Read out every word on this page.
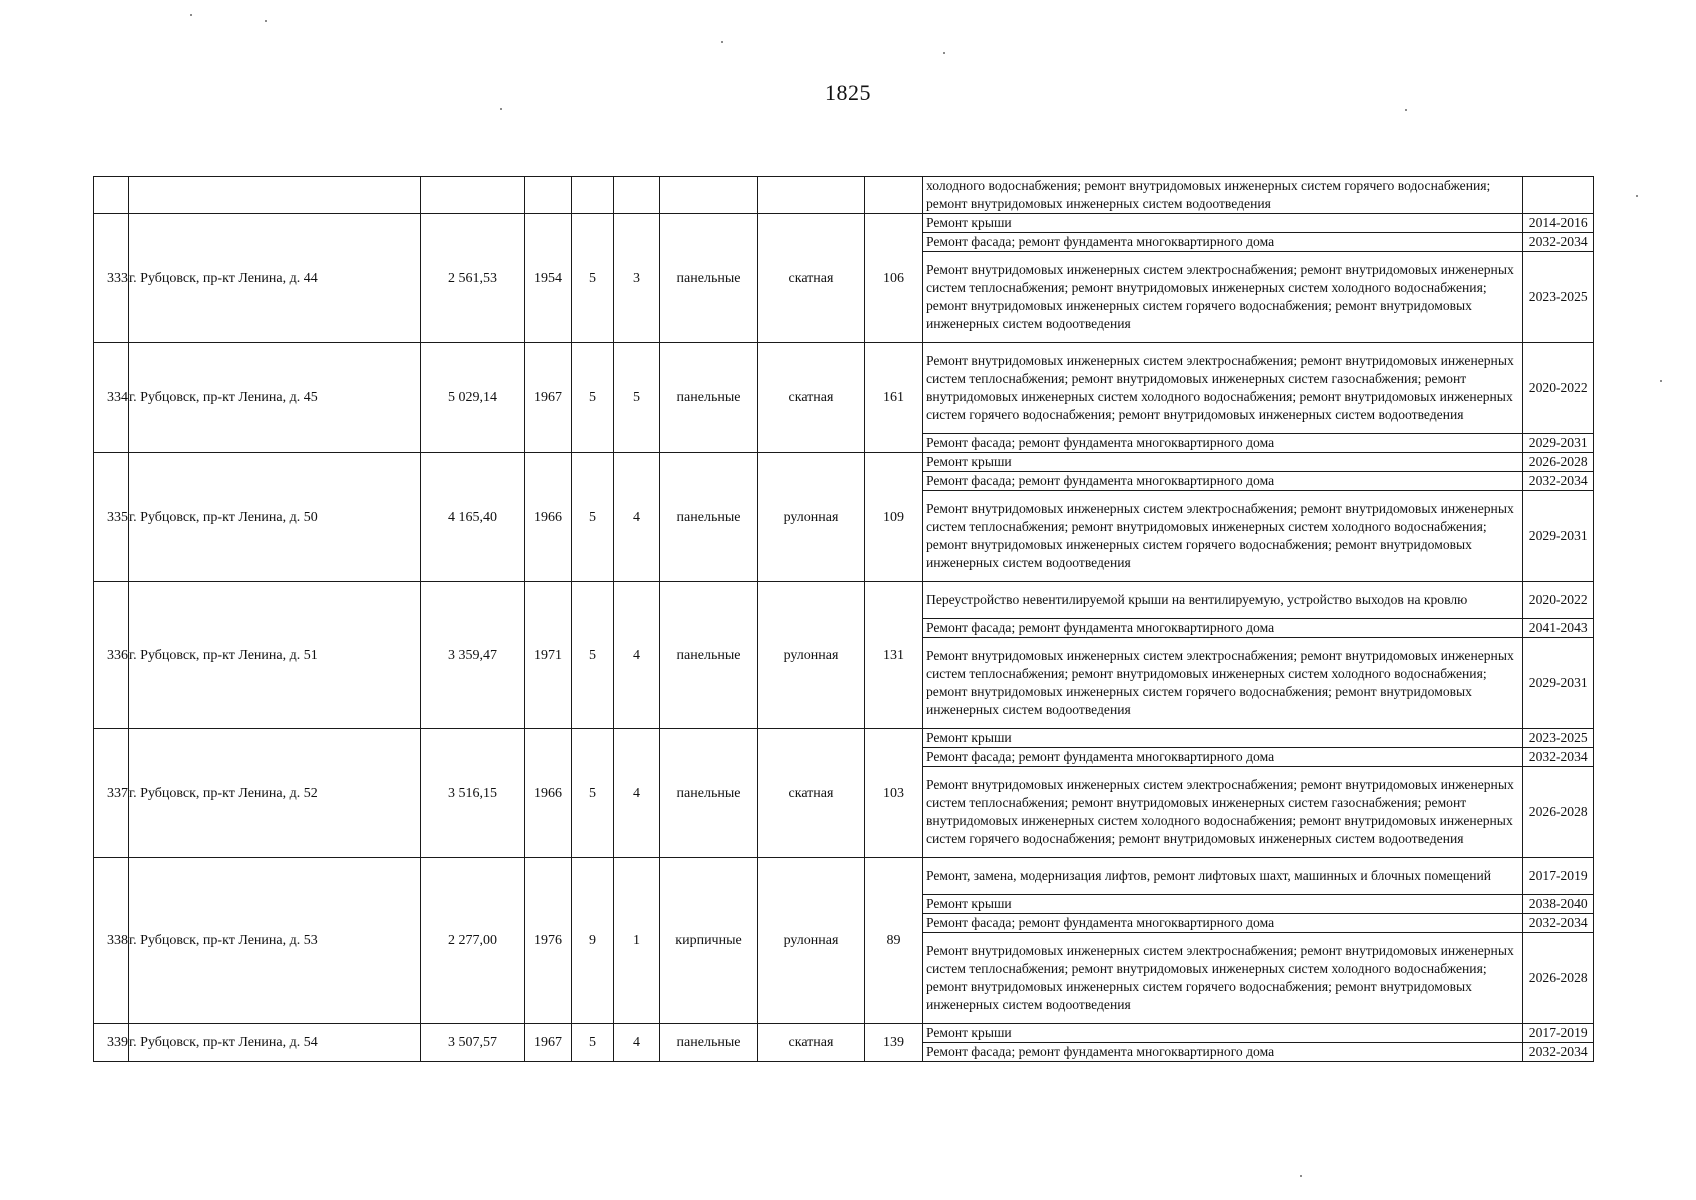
1825

холодного водоснабжения; ремонт внутридомовых инженерных систем горячего водоснабжения; ремонт внутридомовых инженерных систем водоотведения	

333	г. Рубцовск, пр-кт Ленина, д. 44	2 561,53	1954	5	3	панельные	скатная	106	
Ремонт крыши	2014-2016
Ремонт фасада; ремонт фундамента многоквартирного дома	2032-2034
Ремонт внутридомовых инженерных систем электроснабжения; ремонт внутридомовых инженерных систем теплоснабжения; ремонт внутридомовых инженерных систем холодного водоснабжения; ремонт внутридомовых инженерных систем горячего водоснабжения; ремонт внутридомовых инженерных систем водоотведения	2023-2025

334	г. Рубцовск, пр-кт Ленина, д. 45	5 029,14	1967	5	5	панельные	скатная	161	
Ремонт внутридомовых инженерных систем электроснабжения; ремонт внутридомовых инженерных систем теплоснабжения; ремонт внутридомовых инженерных систем газоснабжения; ремонт внутридомовых инженерных систем холодного водоснабжения; ремонт внутридомовых инженерных систем горячего водоснабжения; ремонт внутридомовых инженерных систем водоотведения	2020-2022
Ремонт фасада; ремонт фундамента многоквартирного дома	2029-2031

335	г. Рубцовск, пр-кт Ленина, д. 50	4 165,40	1966	5	4	панельные	рулонная	109	
Ремонт крыши	2026-2028
Ремонт фасада; ремонт фундамента многоквартирного дома	2032-2034
Ремонт внутридомовых инженерных систем электроснабжения; ремонт внутридомовых инженерных систем теплоснабжения; ремонт внутридомовых инженерных систем холодного водоснабжения; ремонт внутридомовых инженерных систем горячего водоснабжения; ремонт внутридомовых инженерных систем водоотведения	2029-2031

336	г. Рубцовск, пр-кт Ленина, д. 51	3 359,47	1971	5	4	панельные	рулонная	131	
Переустройство невентилируемой крыши на вентилируемую, устройство выходов на кровлю	2020-2022
Ремонт фасада; ремонт фундамента многоквартирного дома	2041-2043
Ремонт внутридомовых инженерных систем электроснабжения; ремонт внутридомовых инженерных систем теплоснабжения; ремонт внутридомовых инженерных систем холодного водоснабжения; ремонт внутридомовых инженерных систем горячего водоснабжения; ремонт внутридомовых инженерных систем водоотведения	2029-2031

337	г. Рубцовск, пр-кт Ленина, д. 52	3 516,15	1966	5	4	панельные	скатная	103	
Ремонт крыши	2023-2025
Ремонт фасада; ремонт фундамента многоквартирного дома	2032-2034
Ремонт внутридомовых инженерных систем электроснабжения; ремонт внутридомовых инженерных систем теплоснабжения; ремонт внутридомовых инженерных систем газоснабжения; ремонт внутридомовых инженерных систем холодного водоснабжения; ремонт внутридомовых инженерных систем горячего водоснабжения; ремонт внутридомовых инженерных систем водоотведения	2026-2028

338	г. Рубцовск, пр-кт Ленина, д. 53	2 277,00	1976	9	1	кирпичные	рулонная	89	
Ремонт, замена, модернизация лифтов, ремонт лифтовых шахт, машинных и блочных помещений	2017-2019
Ремонт крыши	2038-2040
Ремонт фасада; ремонт фундамента многоквартирного дома	2032-2034
Ремонт внутридомовых инженерных систем электроснабжения; ремонт внутридомовых инженерных систем теплоснабжения; ремонт внутридомовых инженерных систем холодного водоснабжения; ремонт внутридомовых инженерных систем горячего водоснабжения; ремонт внутридомовых инженерных систем водоотведения	2026-2028

339	г. Рубцовск, пр-кт Ленина, д. 54	3 507,57	1967	5	4	панельные	скатная	139	
Ремонт крыши	2017-2019
Ремонт фасада; ремонт фундамента многоквартирного дома	2032-2034
